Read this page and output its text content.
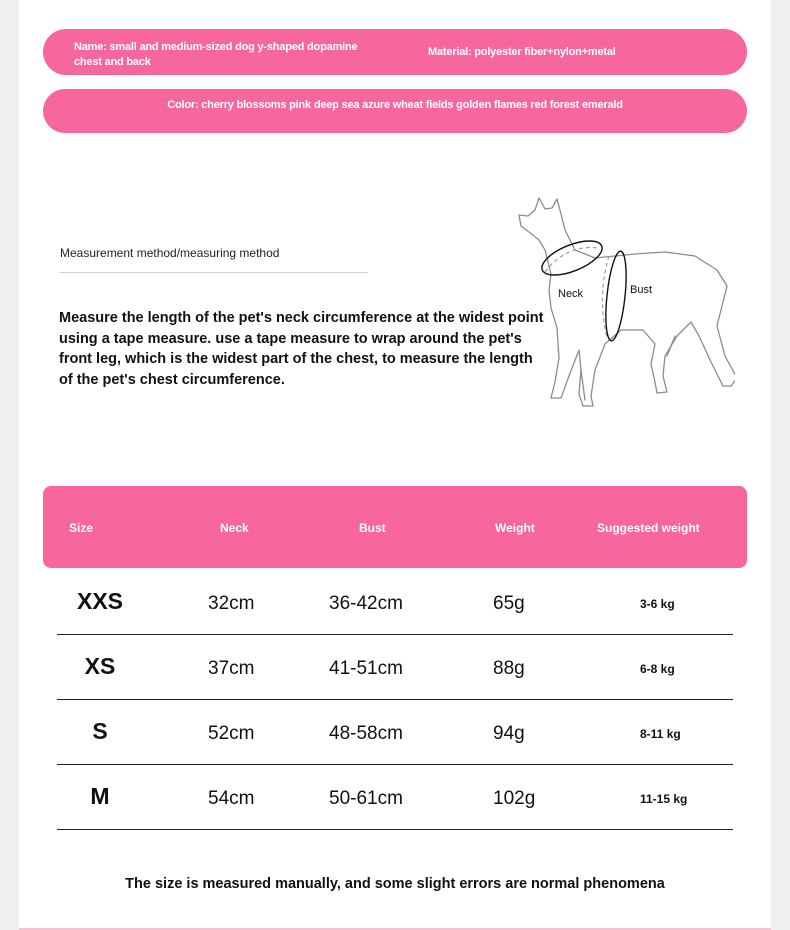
Name: small and medium-sized dog y-shaped dopamine chest and back
Material: polyester fiber+nylon+metal
Color: cherry blossoms pink deep sea azure wheat fields golden flames red forest emerald
Measurement method/measuring method
Measure the length of the pet's neck circumference at the widest point using a tape measure. use a tape measure to wrap around the pet's front leg, which is the widest part of the chest, to measure the length of the pet's chest circumference.
Neck	Bust
Size	Neck	Bust	Weight	Suggested weight
XXS	32cm	36-42cm	65g	3-6 kg
XS	37cm	41-51cm	88g	6-8 kg
S	52cm	48-58cm	94g	8-11 kg
M	54cm	50-61cm	102g	11-15 kg
The size is measured manually, and some slight errors are normal phenomena
